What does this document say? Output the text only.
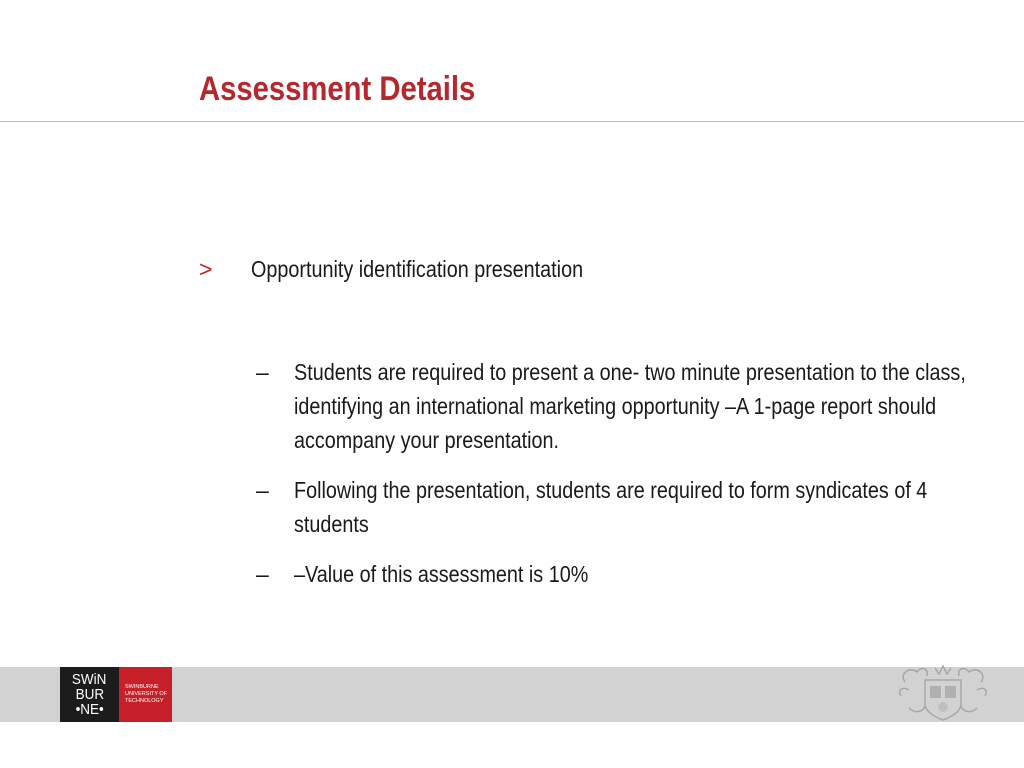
Assessment Details
> Opportunity identification presentation
– Students are required to present a one- two minute presentation to the class, identifying an international marketing opportunity –A 1-page report should accompany your presentation.
– Following the presentation, students are required to form syndicates of 4 students
– –Value of this assessment is 10%
SWiN
BUR
•NE•
SWINBURNE
UNIVERSITY OF
TECHNOLOGY
